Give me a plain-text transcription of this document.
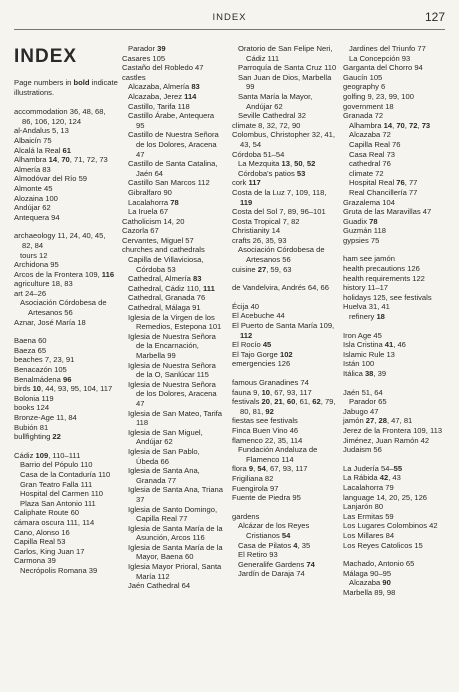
INDEX	127
INDEX
Page numbers in bold indicate illustrations.
accommodation 36, 48, 68, 86, 106, 120, 124
al-Andalus 5, 13
Albaicín 75
Alcalá la Real 61
Alhambra 14, 70, 71, 72, 73
Almería 83
Almodóvar del Río 59
Almonte 45
Alozaina 100
Andújar 62
Antequera 94
archaeology 11, 24, 40, 45, 82, 84
tours 12
Archidona 95
Arcos de la Frontera 109, 116
agriculture 18, 83
art 24–26
Asociación Córdobesa de Artesanos 56
Aznar, José María 18
Baena 60
Baeza 65
beaches 7, 23, 91
Benacazón 105
Benalmádena 96
birds 10, 44, 93, 95, 104, 117
Bolonia 119
books 124
Bronze-Age 11, 84
Bubión 81
bullfighting 22
Cádiz 109, 110–111
Barrio del Pópulo 110
Casa de la Contaduría 110
Gran Teatro Falla 111
Hospital del Carmen 110
Plaza San Antonio 111
Caliphate Route 60
cámara oscura 111, 114
Cano, Alonso 16
Capilla Real 53
Carlos, King Juan 17
Carmona 39
Necrópolis Romana 39
Parador 39
Casares 105
Castaño del Robledo 47
castles
Alcazaba, Almería 83
Alcazaba, Jerez 114
Castillo, Tarifa 118
Castillo Árabe, Antequera 95
Castillo de Nuestra Señora de los Dolores, Aracena 47
Castillo de Santa Catalina, Jaén 64
Castillo San Marcos 112
Gibralfaro 90
Lacalahorra 78
La Iruela 67
Catholicism 14, 20
Cazorla 67
Cervantes, Miguel 57
churches and cathedrals
Capilla de Villaviciosa, Córdoba 53
Cathedral, Almería 83
Cathedral, Cádiz 110, 111
Cathedral, Granada 76
Cathedral, Málaga 91
Iglesia de la Virgen de los Remedios, Estepona 101
Iglesia de Nuestra Señora de la Encarnación, Marbella 99
Iglesia de Nuestra Señora de la O, Sanlúcar 115
Iglesia de Nuestra Señora de los Dolores, Aracena 47
Iglesia de San Mateo, Tarifa 118
Iglesia de San Miguel, Andújar 62
Iglesia de San Pablo, Úbeda 66
Iglesia de Santa Ana, Granada 77
Iglesia de Santa Ana, Triana 37
Iglesia de Santo Domingo, Capilla Real 77
Iglesia de Santa María de la Asunción, Arcos 116
Iglesia de Santa María de la Mayor, Baena 60
Iglesia Mayor Prioral, Santa María 112
Jaén Cathedral 64
Oratorio de San Felipe Neri, Cádiz 111
Parroquía de Santa Cruz 110
San Juan de Dios, Marbella 99
Santa María la Mayor, Andújar 62
Seville Cathedral 32
climate 8, 32, 72, 90
Colombus, Christopher 32, 41, 43, 54
Córdoba 51–54
La Mezquita 13, 50, 52
Córdoba's patios 53
cork 117
Costa de la Luz 7, 109, 118, 119
Costa del Sol 7, 89, 96–101
Costa Tropical 7, 82
Christianity 14
crafts 26, 35, 93
Asociación Córdobesa de Artesanos 56
cuisine 27, 59, 63
de Vandelvira, Andrés 64, 66
Écija 40
El Acebuche 44
El Puerto de Santa María 109, 112
El Rocío 45
El Tajo Gorge 102
emergencies 126
famous Granadines 74
fauna 9, 10, 67, 93, 117
festivals 20, 21, 60, 61, 62, 79, 80, 81, 92
fiestas see festivals
Finca Buen Vino 46
flamenco 22, 35, 114
Fundación Andaluza de Flamenco 114
flora 9, 54, 67, 93, 117
Frigiliana 82
Fuengirola 97
Fuente de Piedra 95
gardens
Alcázar de los Reyes Cristianos 54
Casa de Pilatos 4, 35
El Retiro 93
Generalife Gardens 74
Jardín de Daraja 74
Jardines del Triunfo 77
La Concepción 93
Garganta del Chorro 94
Gaucín 105
geography 6
golfing 9, 23, 99, 100
government 18
Granada 72
Alhambra 14, 70, 72, 73
Alcazaba 72
Capilla Real 76
Casa Real 73
cathedral 76
climate 72
Hospital Real 76, 77
Real Chancillería 77
Grazalema 104
Gruta de las Maravillas 47
Guadix 78
Guzmán 118
gypsies 75
ham see jamón
health precautions 126
health requirements 122
history 11–17
holidays 125, see festivals
Huelva 31, 41
refinery 18
Iron Age 45
Isla Cristina 41, 46
Islamic Rule 13
Istán 100
Itálica 38, 39
Jaén 51, 64
Parador 65
Jabugo 47
jamón 27, 28, 47, 81
Jerez de la Frontera 109, 113
Jiménez, Juan Ramón 42
Judaism 56
La Judería 54–55
La Rábida 42, 43
Lacalahorra 79
language 14, 20, 25, 126
Lanjarón 80
Las Ermitas 59
Los Lugares Colombinos 42
Los Millares 84
Los Reyes Catolicos 15
Machado, Antonio 65
Málaga 90–95
Alcazaba 90
Marbella 89, 98
